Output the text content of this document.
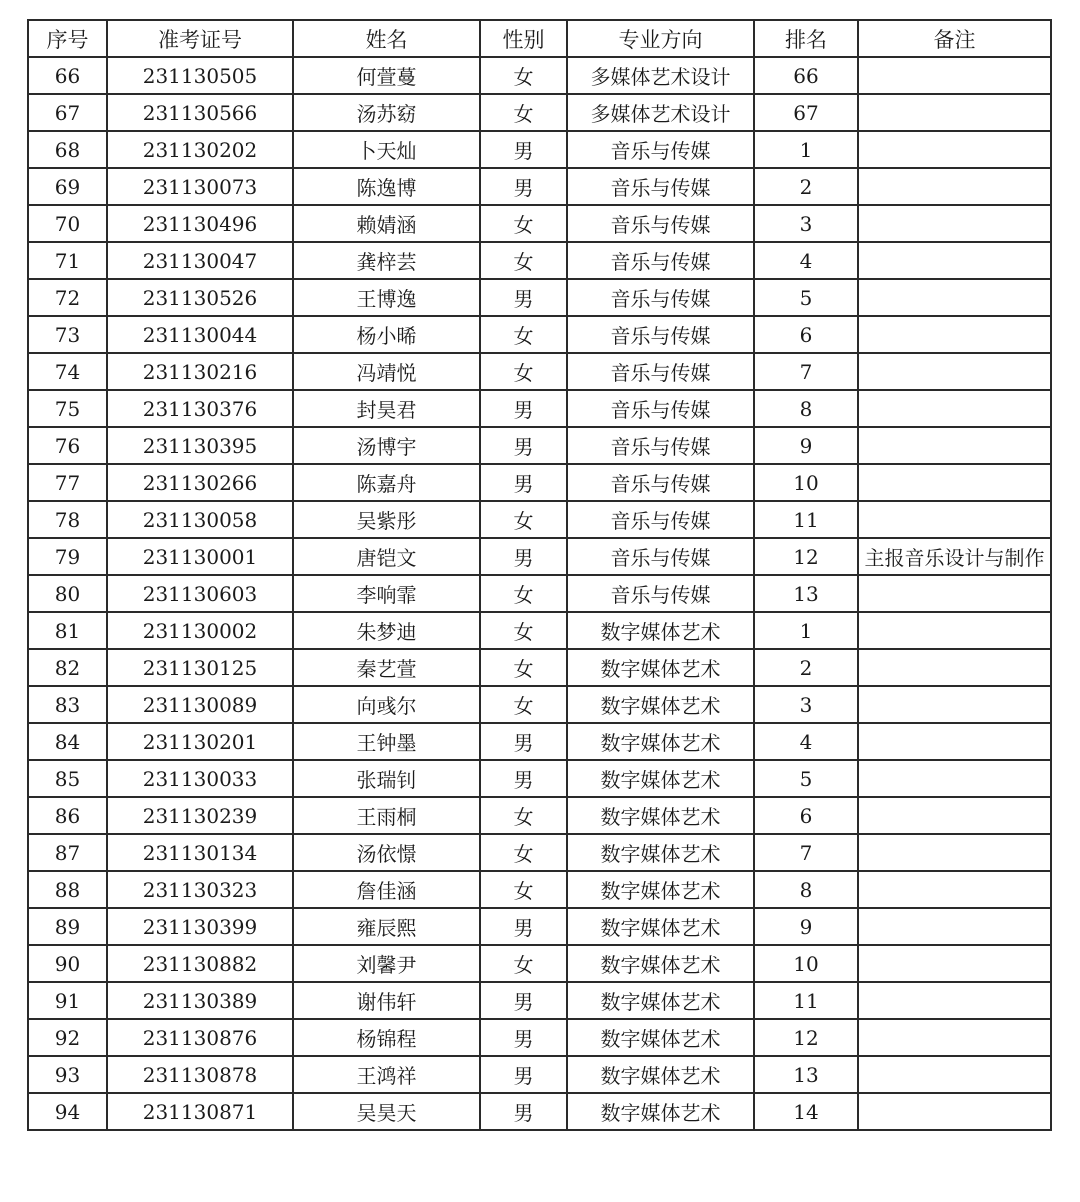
序号	准考证号	姓名	性别	专业方向	排名	备注
66	231130505	何萱蔓	女	多媒体艺术设计	66	
67	231130566	汤苏窈	女	多媒体艺术设计	67	
68	231130202	卜天灿	男	音乐与传媒	1	
69	231130073	陈逸博	男	音乐与传媒	2	
70	231130496	赖婧涵	女	音乐与传媒	3	
71	231130047	龚梓芸	女	音乐与传媒	4	
72	231130526	王博逸	男	音乐与传媒	5	
73	231130044	杨小晞	女	音乐与传媒	6	
74	231130216	冯靖悦	女	音乐与传媒	7	
75	231130376	封昊君	男	音乐与传媒	8	
76	231130395	汤博宇	男	音乐与传媒	9	
77	231130266	陈嘉舟	男	音乐与传媒	10	
78	231130058	吴紫彤	女	音乐与传媒	11	
79	231130001	唐铠文	男	音乐与传媒	12	主报音乐设计与制作
80	231130603	李响霏	女	音乐与传媒	13	
81	231130002	朱梦迪	女	数字媒体艺术	1	
82	231130125	秦艺萱	女	数字媒体艺术	2	
83	231130089	向彧尔	女	数字媒体艺术	3	
84	231130201	王钟墨	男	数字媒体艺术	4	
85	231130033	张瑞钊	男	数字媒体艺术	5	
86	231130239	王雨桐	女	数字媒体艺术	6	
87	231130134	汤依憬	女	数字媒体艺术	7	
88	231130323	詹佳涵	女	数字媒体艺术	8	
89	231130399	雍辰熙	男	数字媒体艺术	9	
90	231130882	刘馨尹	女	数字媒体艺术	10	
91	231130389	谢伟轩	男	数字媒体艺术	11	
92	231130876	杨锦程	男	数字媒体艺术	12	
93	231130878	王鸿祥	男	数字媒体艺术	13	
94	231130871	吴昊天	男	数字媒体艺术	14	
